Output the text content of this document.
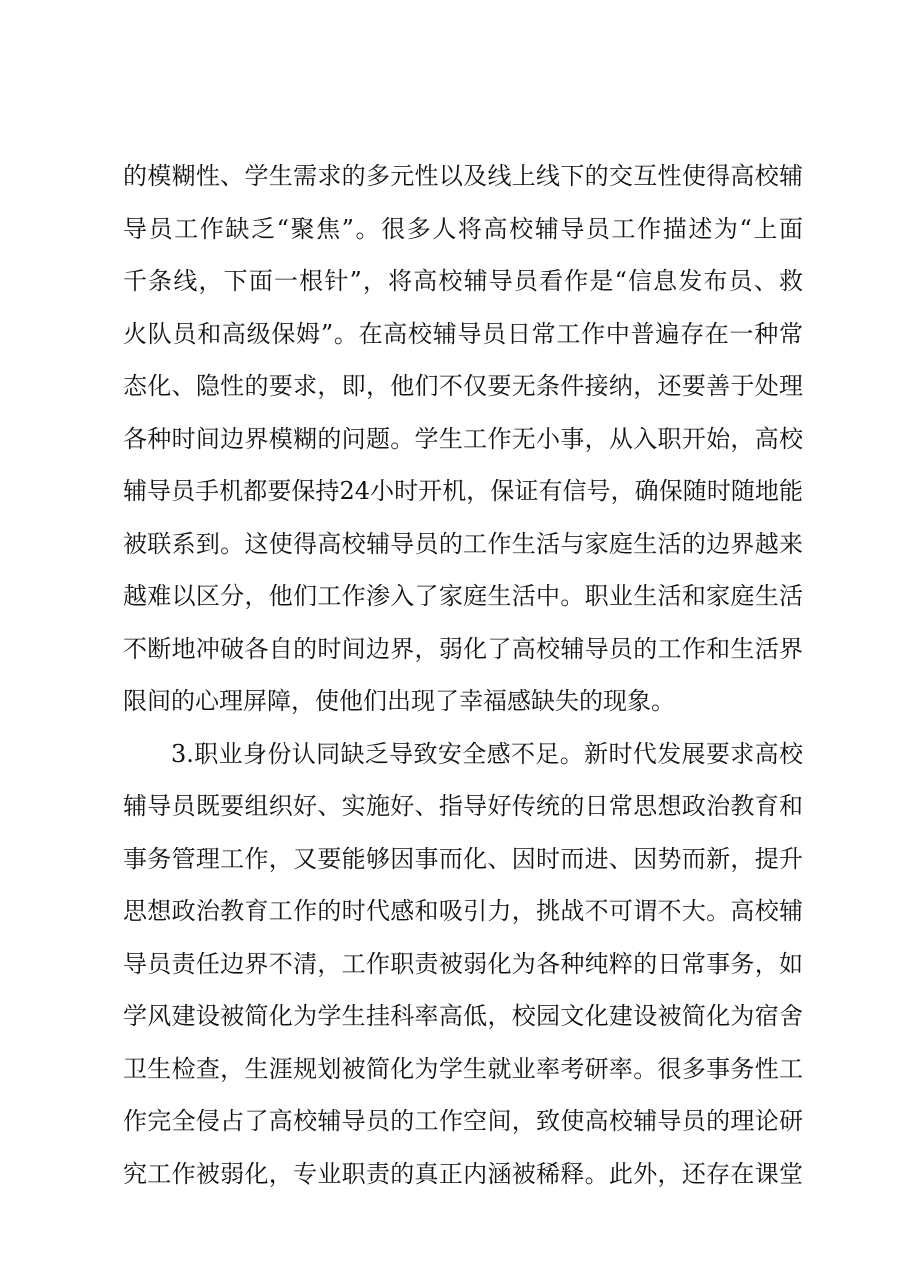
的模糊性、学生需求的多元性以及线上线下的交互性使得高校辅
导员工作缺乏“聚焦”。很多人将高校辅导员工作描述为“上面
千条线，下面一根针”，将高校辅导员看作是“信息发布员、救
火队员和高级保姆”。在高校辅导员日常工作中普遍存在一种常
态化、隐性的要求，即，他们不仅要无条件接纳，还要善于处理
各种时间边界模糊的问题。学生工作无小事，从入职开始，高校
辅导员手机都要保持24小时开机，保证有信号，确保随时随地能
被联系到。这使得高校辅导员的工作生活与家庭生活的边界越来
越难以区分，他们工作渗入了家庭生活中。职业生活和家庭生活
不断地冲破各自的时间边界，弱化了高校辅导员的工作和生活界
限间的心理屏障，使他们出现了幸福感缺失的现象。
3.职业身份认同缺乏导致安全感不足。新时代发展要求高校
辅导员既要组织好、实施好、指导好传统的日常思想政治教育和
事务管理工作，又要能够因事而化、因时而进、因势而新，提升
思想政治教育工作的时代感和吸引力，挑战不可谓不大。高校辅
导员责任边界不清，工作职责被弱化为各种纯粹的日常事务，如
学风建设被简化为学生挂科率高低，校园文化建设被简化为宿舍
卫生检查，生涯规划被简化为学生就业率考研率。很多事务性工
作完全侵占了高校辅导员的工作空间，致使高校辅导员的理论研
究工作被弱化，专业职责的真正内涵被稀释。此外，还存在课堂
